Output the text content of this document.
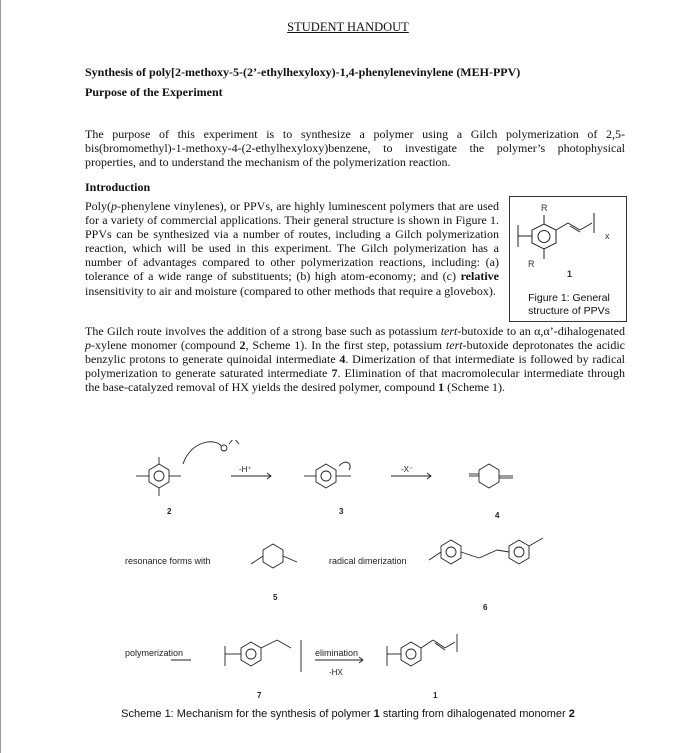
STUDENT HANDOUT
Synthesis of poly[2-methoxy-5-(2’-ethylhexyloxy)-1,4-phenylenevinylene (MEH-PPV)
Purpose of the Experiment
The purpose of this experiment is to synthesize a polymer using a Gilch polymerization of 2,5-bis(bromomethyl)-1-methoxy-4-(2-ethylhexyloxy)benzene, to investigate the polymer’s photophysical properties, and to understand the mechanism of the polymerization reaction.
Introduction
Poly(p-phenylene vinylenes), or PPVs, are highly luminescent polymers that are used for a variety of commercial applications. Their general structure is shown in Figure 1. PPVs can be synthesized via a number of routes, including a Gilch polymerization reaction, which will be used in this experiment. The Gilch polymerization has a number of advantages compared to other polymerization reactions, including: (a) tolerance of a wide range of substituents; (b) high atom-economy; and (c) relative insensitivity to air and moisture (compared to other methods that require a glovebox).
The Gilch route involves the addition of a strong base such as potassium tert-butoxide to an α,α’-dihalogenated p-xylene monomer (compound 2, Scheme 1). In the first step, potassium tert-butoxide deprotonates the acidic benzylic protons to generate quinoidal intermediate 4. Dimerization of that intermediate is followed by radical polymerization to generate saturated intermediate 7. Elimination of that macromolecular intermediate through the base-catalyzed removal of HX yields the desired polymer, compound 1 (Scheme 1).
R
R
x
1
Figure 1: General structure of PPVs
-H⁺	-X⁻
resonance forms with	radical dimerization
polymerization	elimination
-HX
2	3	4
5
6
7	1
Scheme 1: Mechanism for the synthesis of polymer 1 starting from dihalogenated monomer 2
